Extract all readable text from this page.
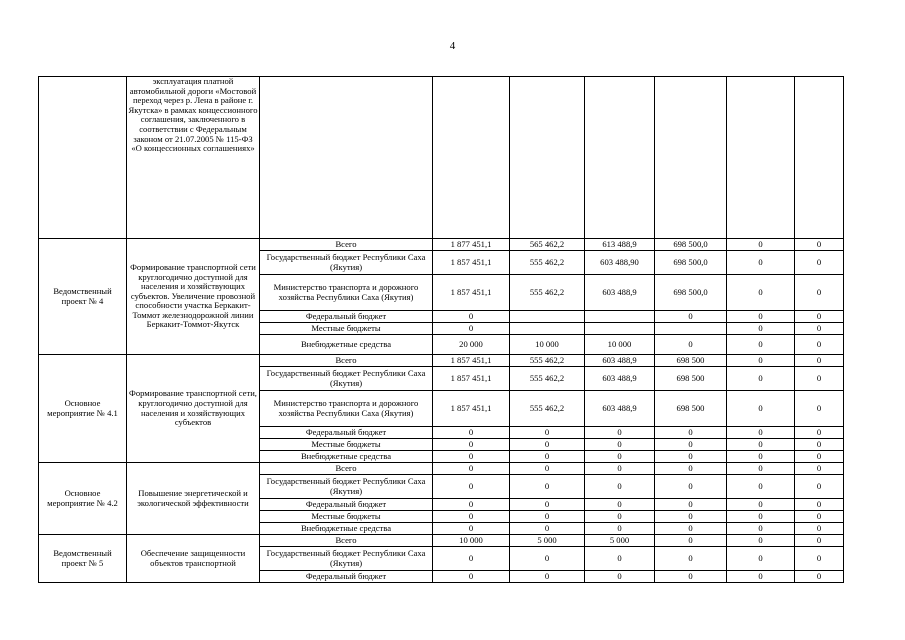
4
	эксплуатация платной автомобильной дороги «Мостовой переход через р. Лена в районе г. Якутска» в рамках концессионного соглашения, заключенного в соответствии с Федеральным законом от 21.07.2005 № 115-ФЗ «О концессионных соглашениях»							
Ведомственный проект № 4	Формирование транспортной сети круглогодично доступной для населения и хозяйствующих субъектов. Увеличение провозной способности участка Беркакит-Томмот железнодорожной линии Беркакит-Томмот-Якутск	Всего	1 877 451,1	565 462,2	613 488,9	698 500,0	0	0
		Государственный бюджет Республики Саха (Якутия)	1 857 451,1	555 462,2	603 488,90	698 500,0	0	0
		Министерство транспорта и дорожного хозяйства Республики Саха (Якутия)	1 857 451,1	555 462,2	603 488,9	698 500,0	0	0
		Федеральный бюджет	0			0	0	0
		Местные бюджеты	0				0	0
		Внебюджетные средства	20 000	10 000	10 000	0	0	0
Основное мероприятие № 4.1	Формирование транспортной сети, круглогодично доступной для населения и хозяйствующих субъектов	Всего	1 857 451,1	555 462,2	603 488,9	698 500	0	0
		Государственный бюджет Республики Саха (Якутия)	1 857 451,1	555 462,2	603 488,9	698 500	0	0
		Министерство транспорта и дорожного хозяйства Республики Саха (Якутия)	1 857 451,1	555 462,2	603 488,9	698 500	0	0
		Федеральный бюджет	0	0	0	0	0	0
		Местные бюджеты	0	0	0	0	0	0
		Внебюджетные средства	0	0	0	0	0	0
Основное мероприятие № 4.2	Повышение энергетической и экологической эффективности	Всего	0	0	0	0	0	0
		Государственный бюджет Республики Саха (Якутия)	0	0	0	0	0	0
		Федеральный бюджет	0	0	0	0	0	0
		Местные бюджеты	0	0	0	0	0	0
		Внебюджетные средства	0	0	0	0	0	0
Ведомственный проект № 5	Обеспечение защищенности объектов транспортной	Всего	10 000	5 000	5 000	0	0	0
		Государственный бюджет Республики Саха (Якутия)	0	0	0	0	0	0
		Федеральный бюджет	0	0	0	0	0	0
